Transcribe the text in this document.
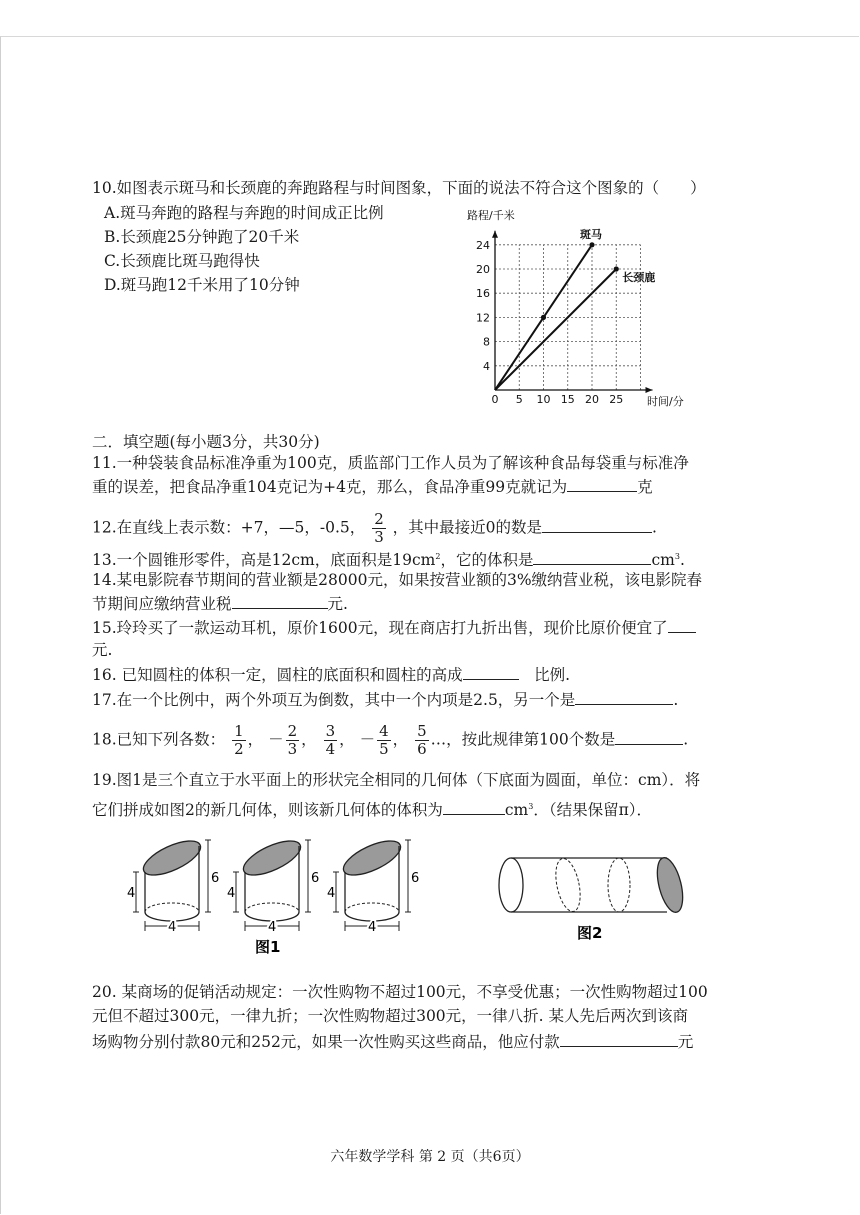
10.如图表示斑马和长颈鹿的奔跑路程与时间图象，下面的说法不符合这个图象的（　　）
A.斑马奔跑的路程与奔跑的时间成正比例
B.长颈鹿25分钟跑了20千米
C.长颈鹿比斑马跑得快
D.斑马跑12千米用了10分钟
0 5 10 15 20 25
4
8
12
16
20
24
斑马
长颈鹿
路程/千米
时间/分
二．填空题(每小题3分，共30分)
11.一种袋装食品标准净重为100克，质监部门工作人员为了解该种食品每袋重与标准净
重的误差，把食品净重104克记为+4克，那么，食品净重99克就记为	克
12.在直线上表示数：+7，—5，-0.5， $\frac{2}{3}$ ，其中最接近0的数是	.
13.一个圆锥形零件，高是12cm，底面积是$19cm^2$，它的体积是	$cm^3$.
14.某电影院春节期间的营业额是28000元，如果按营业额的3%缴纳营业税，该电影院春
节期间应缴纳营业税	元.
15.玲玲买了一款运动耳机，原价1600元，现在商店打九折出售，现价比原价便宜了
元.
16. 已知圆柱的体积一定，圆柱的底面积和圆柱的高成　	比例.
17.在一个比例中，两个外项互为倒数，其中一个内项是2.5，另一个是	.
18.已知下列各数： $\frac{1}{2}$ ， － $\frac{2}{3}$ ， $\frac{3}{4}$ ， － $\frac{4}{5}$ ， $\frac{5}{6}$ …，按此规律第100个数是	.
19.图1是三个直立于水平面上的形状完全相同的几何体（下底面为圆面，单位：cm）．将
它们拼成如图2的新几何体，则该新几何体的体积为	$cm^3$．（结果保留π）．
4
6
4
4
6
4
4
6
4
图1
图2
20. 某商场的促销活动规定：一次性购物不超过100元，不享受优惠；一次性购物超过100
元但不超过300元，一律九折；一次性购物超过300元，一律八折. 某人先后两次到该商
场购物分别付款80元和252元，如果一次性购买这些商品，他应付款	元
六年数学学科 第 2 页（共6页）
